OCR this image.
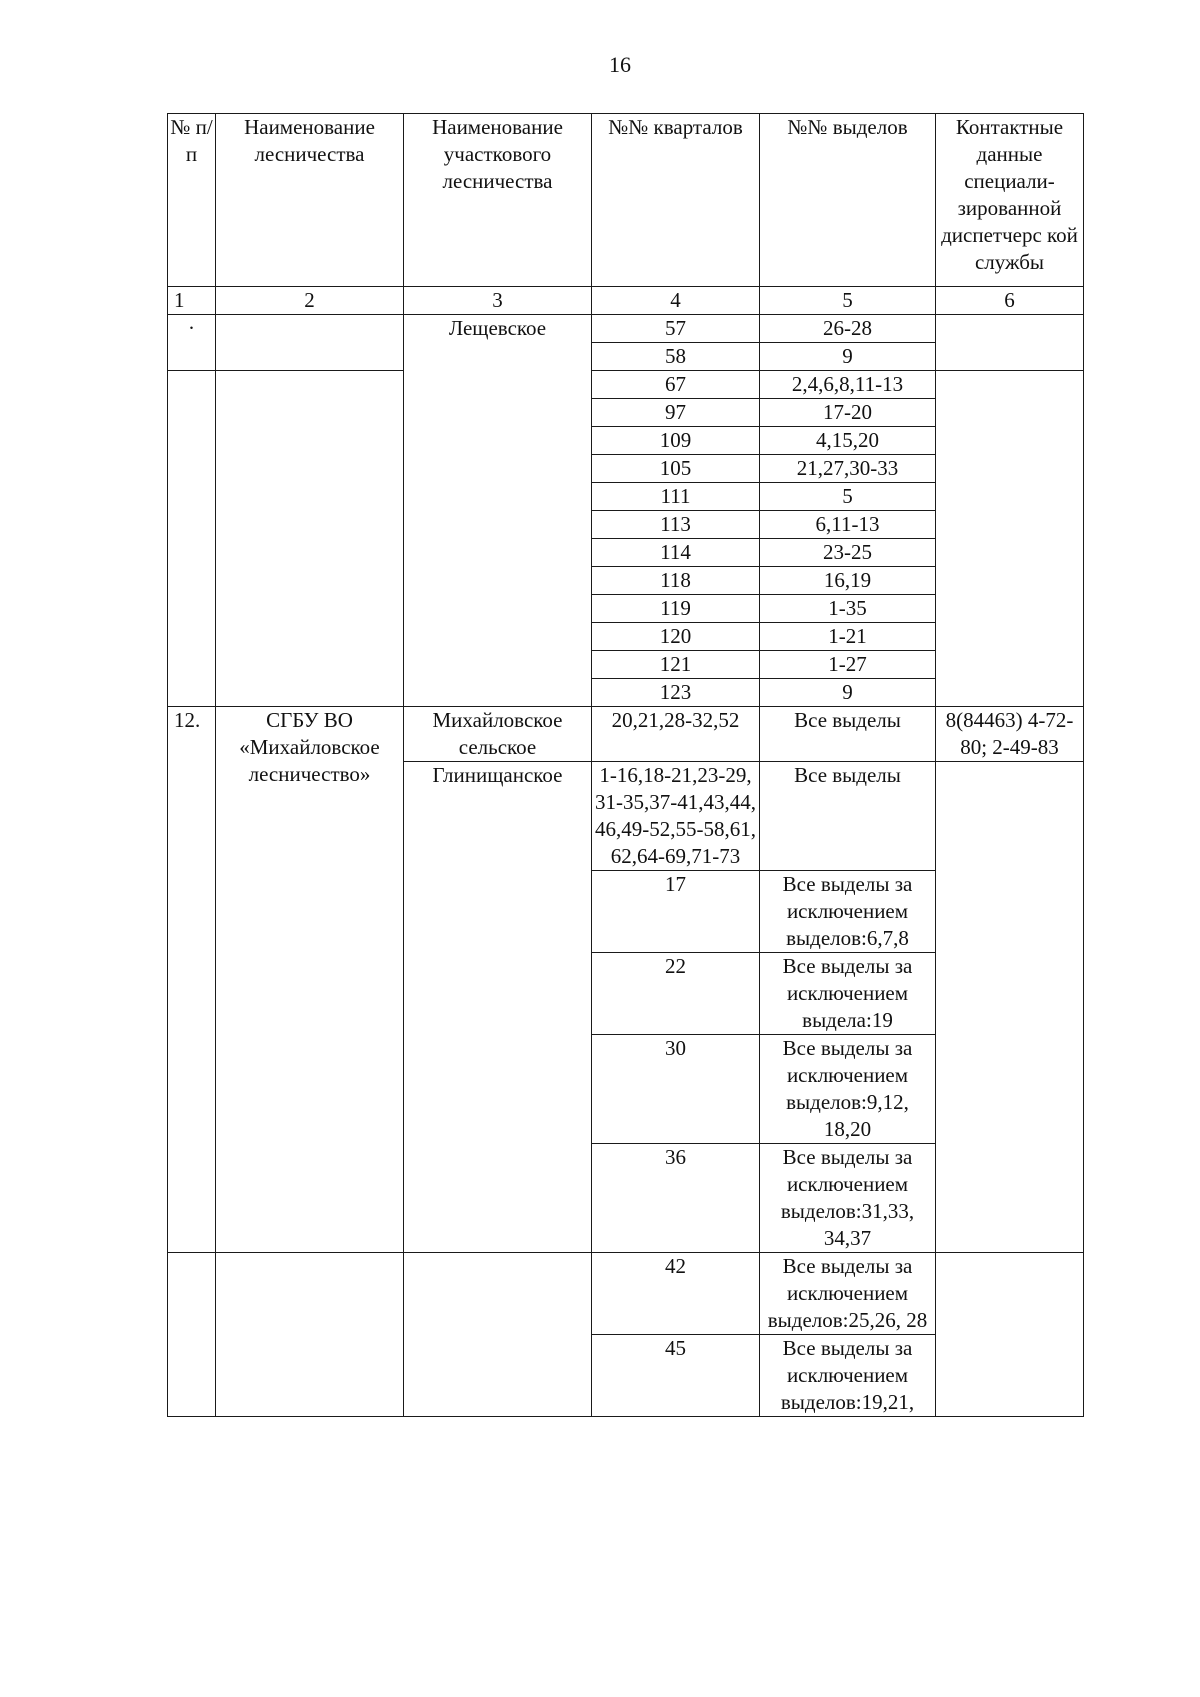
16
№ п/п	Наименование лесничества	Наименование участкового лесничества	№№ кварталов	№№ выделов	Контактные данные специали-зированной диспетчерс кой службы
1	2	3	4	5	6
·		Лещевское	57	26-28	
			58	9	
			67	2,4,6,8,11-13	
			97	17-20	
			109	4,15,20	
			105	21,27,30-33	
			111	5	
			113	6,11-13	
			114	23-25	
			118	16,19	
			119	1-35	
			120	1-21	
			121	1-27	
			123	9	
12.	СГБУ ВО «Михайловское лесничество»	Михайловское сельское	20,21,28-32,52	Все выделы	8(84463) 4-72-80; 2-49-83
		Глинищанское	1-16,18-21,23-29, 31-35,37-41,43,44, 46,49-52,55-58,61, 62,64-69,71-73	Все выделы	
			17	Все выделы за исключением выделов:6,7,8	
			22	Все выделы за исключением выдела:19	
			30	Все выделы за исключением выделов:9,12, 18,20	
			36	Все выделы за исключением выделов:31,33, 34,37	
			42	Все выделы за исключением выделов:25,26, 28	
			45	Все выделы за исключением выделов:19,21,	
